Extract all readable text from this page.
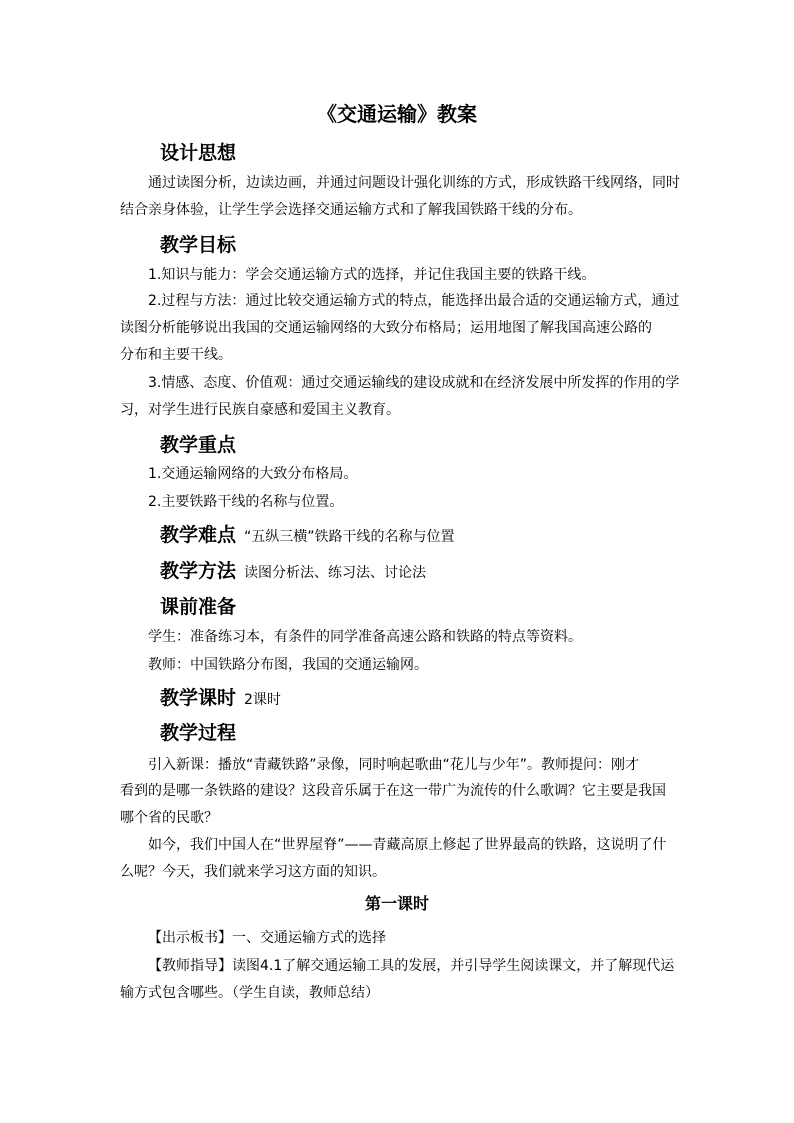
《交通运输》教案
设计思想
通过读图分析，边读边画，并通过问题设计强化训练的方式，形成铁路干线网络，同时
结合亲身体验，让学生学会选择交通运输方式和了解我国铁路干线的分布。
教学目标
1.知识与能力：学会交通运输方式的选择，并记住我国主要的铁路干线。
2.过程与方法：通过比较交通运输方式的特点，能选择出最合适的交通运输方式，通过
读图分析能够说出我国的交通运输网络的大致分布格局；运用地图了解我国高速公路的
分布和主要干线。
3.情感、态度、价值观：通过交通运输线的建设成就和在经济发展中所发挥的作用的学
习，对学生进行民族自豪感和爱国主义教育。
教学重点
1.交通运输网络的大致分布格局。
2.主要铁路干线的名称与位置。
教学难点 “五纵三横”铁路干线的名称与位置
教学方法 读图分析法、练习法、讨论法
课前准备
学生：准备练习本，有条件的同学准备高速公路和铁路的特点等资料。
教师：中国铁路分布图，我国的交通运输网。
教学课时 2课时
教学过程
引入新课：播放“青藏铁路”录像，同时响起歌曲“花儿与少年”。教师提问：刚才
看到的是哪一条铁路的建设？这段音乐属于在这一带广为流传的什么歌调？它主要是我国
哪个省的民歌？
如今，我们中国人在“世界屋脊”——青藏高原上修起了世界最高的铁路，这说明了什
么呢？今天，我们就来学习这方面的知识。
第一课时
【出示板书】一、交通运输方式的选择
【教师指导】读图4.1了解交通运输工具的发展，并引导学生阅读课文，并了解现代运
输方式包含哪些。（学生自读，教师总结）
